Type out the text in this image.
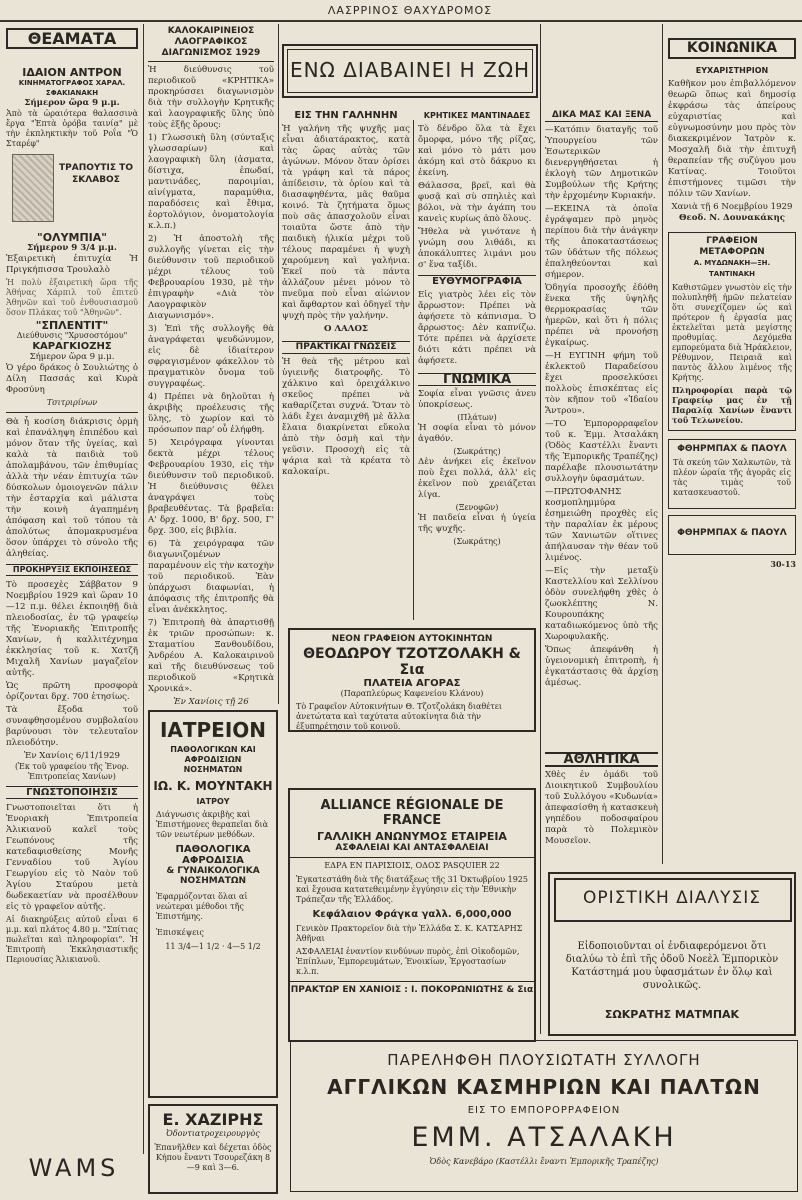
ΛΑΣΡΡΙΝΟΣ ΘΑΧΥΔΡΟΜΟΣ
ΘΕΑΜΑΤΑ
ΙΔΑΙΟΝ ΑΝΤΡΟΝ
ΚΙΝΗΜΑΤΟΓΡΑΦΟΣ ΧΑΡΑΛ. ΣΦΑΚΙΑΝΑΚΗ
Σήμερον ὥρα 9 μ.μ.

Ἀπὸ τὰ ὡραιότερα θαλασσινὰ ἔργα "Ἑπτὰ ὁρόβα ταινία" μὲ τὴν ἐκπληκτικὴν τοῦ Ροΐα "Ὁ Σταρέφ"

ΤΡΑΠΟΥΤΙΣ ΤΟ ΣΚΛΑΒΟΣ
"ΟΛΥΜΠΙΑ"
Σήμερον 9 3/4 μ.μ.

Ἐξαιρετικὴ ἐπιτυχία Ἡ Πριγκήπισσα Τρουλαλὸ

Ἡ πολὺ ἐξαιρετικὴ ὥρα τῆς Ἀθήνας Χάρπιλ τοῦ ἐπιτεῦ Ἀθηνῶν καὶ τοῦ ἐνθουσιασμοῦ ὅσον Πλάκας τοῦ "Ἀθηνῶν".

"ΣΠΛΕΝΤΙΤ"
Διεύθυνσις "Χρυσοστόμου"
ΚΑΡΑΓΚΙΟΖΗΣ
Σήμερον ὥρα 9 μ.μ.

Ὁ γέρο δράκος ὁ Σουλιώτης ὁ Δίλη Πασσάς καὶ Κυρὰ Φροσύνη

Τσιτριρίνων

Θὰ ἦ κοσίση διάκρισις ὁρμὴ καὶ ἐπανάληψη ἐπιπέδου καὶ μόνον ὅταν τῆς ὑγείας, καὶ καλὰ τὰ παιδιὰ τοῦ ἀπολαμβάνου, τῶν ἐπιθυμίας ἀλλὰ τὴν νέαν ἐπιτυχία τῶν δύσκολων ὁμοιογενῶν πάλιν τὴν ἐσταρχία καὶ μάλιστα τὴν κοινὴ ἀγαπημένη ἀπόφαση καὶ τοῦ τόπου τὰ ἀπολύτως ἀπομακρυσμένα ὅσον ὑπάρχει τὸ σύνολο τῆς ἀληθείας.

ΠΡΟΚΗΡΥΞΙΣ ΕΚΠΟΙΗΣΕΩΣ

Τὸ προσεχὲς Σάββατον 9 Νοεμβρίου 1929 καὶ ὥραν 10—12 π.μ. θέλει ἐκποιηθῇ διὰ πλειοδοσίας, ἐν τῷ γραφείῳ τῆς Ἐνοριακῆς Ἐπιτροπῆς Χανίων, ἡ καλλιτέχνημα ἐκκλησίας τοῦ κ. Χατζῆ Μιχαλῆ Χανίων μαγαζεῖον αὐτῆς.

Ὡς πρῶτη προσφορὰ ὁρίζονται δρχ. 700 ἐτησίως.

Τὰ ἔξοδα τοῦ συναφθησομένου συμβολαίου βαρύνουσι τὸν τελευταῖον πλειοδότην.

Ἐν Χανίοις 6/11/1929
(Ἐκ τοῦ γραφείου τῆς Ἐνορ. Ἐπιτροπείας Χανίων)
ΓΝΩΣΤΟΠΟΙΗΣΙΣ

Γνωστοποιεῖται ὅτι ἡ Ἐνοριακὴ Ἐπιτροπεία Ἁλικιανοῦ καλεῖ τοὺς Γεωπόνους τῆς κατεδαφισθείσης Μονῆς Γενναδίου τοῦ Ἁγίου Γεωργίου εἰς τὸ Ναὸν τοῦ Ἁγίου Σταύρου μετὰ δωδεκαετίαν νὰ προσέλθουν εἰς τὸ γραφεῖον αὐτῆς.

Αἱ διακηρύξεις αὐτοῦ εἶναι 6 μ.μ. καὶ πλάτος 4.80 μ. "Σπίτιας πωλεῖται καὶ πληροφορίαι". Ἡ Ἐπιτροπὴ Ἐκκλησιαστικῆς Περιουσίας Ἁλικιανοῦ.

WAMS
ΚΑΛΟΚΑΙΡΙΝΕΙΟΣ ΛΑΟΓΡΑΦΙΚΟΣ ΔΙΑΓΩΝΙΣΜΟΣ 1929

Ἡ διεύθυνσις τοῦ περιοδικοῦ «ΚΡΗΤΙΚΑ» προκηρύσσει διαγωνισμὸν διὰ τὴν συλλογὴν Κρητικῆς καὶ λαογραφικῆς ὕλης ὑπὸ τοὺς ἑξῆς ὅρους:

1) Γλωσσικὴ ὕλη (σύνταξις γλωσσαρίων) καὶ λαογραφικὴ ὕλη (ἀσματα, δίστιχα, ἐπωδαί, μαντινάδες, παροιμίαι, αἰνίγματα, παραμύθια, παραδόσεις καὶ ἔθιμα, ἑορτολόγιον, ὀνοματολογία κ.λ.π.)

2) Ἡ ἀποστολὴ τῆς συλλογῆς γίνεται εἰς τὴν διεύθυνσιν τοῦ περιοδικοῦ μέχρι τέλους τοῦ Φεβρουαρίου 1930, μὲ τὴν ἐπιγραφὴν «Διὰ τὸν Λαογραφικὸν Διαγωνισμόν».

3) Ἐπὶ τῆς συλλογῆς θὰ ἀναγράφεται ψευδώνυμον, εἰς δὲ ἰδιαίτερον σφραγισμένον φάκελλον τὸ πραγματικὸν ὄνομα τοῦ συγγραφέως.

4) Πρέπει νὰ δηλοῦται ἡ ἀκριβὴς προέλευσις τῆς ὕλης, τὸ χωρίον καὶ τὸ πρόσωπον παρ' οὗ ἐλήφθη.

5) Χειρόγραφα γίνονται δεκτὰ μέχρι τέλους Φεβρουαρίου 1930, εἰς τὴν διεύθυνσιν τοῦ περιοδικοῦ. Ἡ διεύθυνσις θέλει ἀναγράψει τοὺς βραβευθέντας. Τὰ βραβεῖα: Α' δρχ. 1000, Β' δρχ. 500, Γ' δρχ. 300, εἰς βιβλία.

6) Τὰ χειρόγραφα τῶν διαγωνιζομένων παραμένουν εἰς τὴν κατοχὴν τοῦ περιοδικοῦ. Ἐὰν ὑπάρχωσι διαφωνίαι, ἡ ἀπόφασις τῆς ἐπιτροπῆς θὰ εἶναι ἀνέκκλητος.

7) Ἐπιτροπὴ θὰ ἀπαρτισθῇ ἐκ τριῶν προσώπων: κ. Σταματίου Ξανθουδίδου, Ἀνδρέου Α. Καλοκαιρινοῦ καὶ τῆς διευθύνσεως τοῦ περιοδικοῦ «Κρητικὰ Χρονικά».

Ἐν Χανίοις τῇ 26
ΙΑΤΡΕΙΟΝ
ΠΑΘΟΛΟΓΙΚΩΝ ΚΑΙ ΑΦΡΟΔΙΣΙΩΝ ΝΟΣΗΜΑΤΩΝ
ΙΩ. Κ. ΜΟΥΝΤΑΚΗ
ΙΑΤΡΟΥ

Διάγνωσις ἀκριβὴς καὶ Ἐπιστήμονες θεραπεῖαι διὰ τῶν νεωτέρων μεθόδων.

ΠΑΘΟΛΟΓΙΚΑ
ΑΦΡΟΔΙΣΙΑ
& ΓΥΝΑΙΚΟΛΟΓΙΚΑ
ΝΟΣΗΜΑΤΩΝ

Ἐφαρμόζονται ὅλαι αἱ νεώτεραι μέθοδοι τῆς Ἐπιστήμης.

Ἐπισκέψεις
11 3/4—1 1/2 · 4—5 1/2
Ε. ΧΑΖΙΡΗΣ
Ὀδοντιατροχειρουργὸς

Ἐπανῆλθεν καὶ δέχεται ὁδὸς Κήπου ἔναντι Τσουρεζάκη 8—9 καὶ 3—6.

ΕΝΩ ΔΙΑΒΑΙΝΕΙ Η ΖΩΗ
ΕΙΣ ΤΗΝ ΓΑΛΗΝΗΝ

Ἡ γαλήνη τῆς ψυχῆς μας εἶναι ἀδιατάρακτος, κατὰ τὰς ὥρας αὐτὰς τῶν ἀγώνων. Μόνον ὅταν ὁρίσει τὰ γράφη καὶ τὰ πάρος ἀπίδεισιν, τὰ ὁρίου καὶ τὰ διασαφηθέντα, μᾶς θαῦμα κοινό. Τὰ ζητήματα ὅμως ποὺ σᾶς ἀπασχολοῦν εἶναι τοιαῦτα ὥστε ἀπὸ τὴν παιδικὴ ἡλικία μέχρι τοῦ τέλους παραμένει ἡ ψυχὴ χαρούμενη καὶ γαλήνια. Ἐκεῖ ποὺ τὰ πάντα ἀλλάζουν μένει μόνον τὸ πνεῦμα ποὺ εἶναι αἰώνιον καὶ ἄφθαρτον καὶ ὁδηγεῖ τὴν ψυχὴ πρὸς τὴν γαλήνην.

Ο ΛΑΛΟΣ
ΠΡΑΚΤΙΚΑΙ ΓΝΩΣΕΙΣ

Ἡ θεὰ τῆς μέτρου καὶ ὑγιεινῆς διατροφῆς. Τὸ χάλκινο καὶ ὀρειχάλκινο σκεῦος πρέπει νὰ καθαρίζεται συχνά. Ὅταν τὸ λάδι ἔχει ἀναμιχθῆ μὲ ἄλλα ἔλαια διακρίνεται εὔκολα ἀπὸ τὴν ὀσμὴ καὶ τὴν γεῦσιν. Προσοχὴ εἰς τὰ ψάρια καὶ τὰ κρέατα τὸ καλοκαίρι.

ΚΡΗΤΙΚΕΣ ΜΑΝΤΙΝΑΔΕΣ

Τὸ δένδρο ὅλα τὰ ἔχει ὄμορφα, μόνο τῆς ρίζας, καὶ μόνο τὸ μάτι μου ἀκόμη καὶ στὸ δάκρυο κι ἐκείνη.

Θάλασσα, βρεῖ, καὶ θὰ φυσᾷ καὶ σὺ σπηλιὲς καὶ βόλοι, νὰ τὴν ἀγάπη του κανεὶς κυρίως ἀπὸ ὅλους.

Ἤθελα νὰ γινότανε ἡ γνώμη σου λιθάδι, κι ἀποκάλυπτες λιμάνι μου σ' ἕνα ταξίδι.

ΕΥΘΥΜΟΓΡΑΦΙΑ

Εἰς γιατρὸς λέει εἰς τὸν ἄρρωστον: Πρέπει νὰ ἀφήσετε τὸ κάπνισμα. Ὁ ἄρρωστος: Δὲν καπνίζω. Τότε πρέπει νὰ ἀρχίσετε διότι κάτι πρέπει νὰ ἀφήσετε.

ΓΝΩΜΙΚΑ

Σοφία εἶναι γνῶσις ἀνευ ὑποκρίσεως.

(Πλάτων)

Ἡ σοφία εἶναι τὸ μόνον ἀγαθόν.

(Σωκράτης)

Δὲν ἀνήκει εἰς ἐκεῖνον ποὺ ἔχει πολλά, ἀλλ' εἰς ἐκεῖνον ποὺ χρειάζεται λίγα.

(Ξενοφῶν)

Ἡ παιδεία εἶναι ἡ ὑγεία τῆς ψυχῆς.

(Σωκράτης)
ΝΕΟΝ ΓΡΑΦΕΙΟΝ ΑΥΤΟΚΙΝΗΤΩΝ
ΘΕΟΔΩΡΟΥ ΤΖΟΤΖΟΛΑΚΗ & Σια
ΠΛΑΤΕΙΑ ΑΓΟΡΑΣ
(Παραπλεύρως Καφενείου Κλάνου)

Τὸ Γραφεῖον Αὐτοκινήτων Θ. Τζοτζολάκη διαθέτει ἀνετώτατα καὶ ταχύτατα αὐτοκίνητα διὰ τὴν ἐξυπηρέτησιν τοῦ κοινοῦ.

ALLIANCE RÉGIONALE DE FRANCE
ΓΑΛΛΙΚΗ ΑΝΩΝΥΜΟΣ ΕΤΑΙΡΕΙΑ
ΑΣΦΑΛΕΙΑΙ ΚΑΙ ΑΝΤΑΣΦΑΛΕΙΑΙ
ΕΔΡΑ ΕΝ ΠΑΡΙΣΙΟΙΣ, ΟΔΟΣ PASQUIER 22

Ἐγκατεστάθη διὰ τῆς διατάξεως τῆς 31 Ὀκτωβρίου 1925 καὶ ἔχουσα κατατεθειμένην ἐγγύησιν εἰς τὴν Ἐθνικὴν Τράπεζαν τῆς Ἑλλάδος.

Κεφάλαιον Φράγκα γαλλ. 6,000,000

Γενικὸν Πρακτορεῖον διὰ τὴν Ἑλλάδα Σ. Κ. ΚΑΤΣΑΡΗΣ Ἀθῆναι

ΑΣΦΑΛΕΙΑΙ ἐναντίον κινδύνων πυρὸς, ἐπὶ Οἰκοδομῶν, Ἐπίπλων, Ἐμπορευμάτων, Ἐνοικίων, Ἐργοστασίων κ.λ.π.

ΠΡΑΚΤΩΡ ΕΝ ΧΑΝΙΟΙΣ : Ι. ΠΟΚΟΡΩΝΙΩΤΗΣ & Σια
ΔΙΚΑ ΜΑΣ ΚΑΙ ΞΕΝΑ

—Κατόπιν διαταγῆς τοῦ Ὑπουργείου τῶν Ἐσωτερικῶν διενεργηθήσεται ἡ ἐκλογὴ τῶν Δημοτικῶν Συμβούλων τῆς Κρήτης τὴν ἐρχομένην Κυριακήν.

—ΕΚΕΙΝΑ τὰ ὁποῖα ἐγράψαμεν πρὸ μηνὸς περίπου διὰ τὴν ἀνάγκην τῆς ἀποκαταστάσεως τῶν ὑδάτων τῆς πόλεως ἐπαληθεύονται καὶ σήμερον.

Ὁδηγία προσοχῆς ἐδόθη ἕνεκα τῆς ὑψηλῆς θερμοκρασίας τῶν ἡμερῶν, καὶ ὅτι ἡ πόλις πρέπει νὰ προνοήσῃ ἐγκαίρως.

—Η ΕΥΓΙΝΗ φήμη τοῦ ἐκλεκτοῦ Παραδείσου ἔχει προσελκύσει πολλοὺς ἐπισκέπτας εἰς τὸν κῆπον τοῦ «Ἰδαίου Ἄντρου».

—ΤΟ Ἐμπορορραφεῖον τοῦ κ. Ἐμμ. Ἀτσαλάκη (Ὁδὸς Καστέλλι ἔναντι τῆς Ἐμπορικῆς Τραπέζης) παρέλαβε πλουσιωτάτην συλλογὴν ὑφασμάτων.

—ΠΡΩΤΟΦΑΝΗΣ κοσμοπλημμύρα ἐσημειώθη προχθὲς εἰς τὴν παραλίαν ἐκ μέρους τῶν Χανιωτῶν οἵτινες ἀπήλαυσαν τὴν θέαν τοῦ λιμένος.

—Εἰς τὴν μεταξὺ Καστελλίου καὶ Σελλίνου ὁδὸν συνελήφθη χθὲς ὁ ζωοκλέπτης Ν. Κουρουπάκης καταδιωκόμενος ὑπὸ τῆς Χωροφυλακῆς.

Ὅπως ἀπεφάνθη ἡ ὑγειονομικὴ ἐπιτροπὴ, ἡ ἐγκατάστασις θὰ ἀρχίσῃ ἀμέσως.

ΑΘΛΗΤΙΚΑ

Χθὲς ἐν ὁμάδι τοῦ Διοικητικοῦ Συμβουλίου τοῦ Συλλόγου «Κυδωνία» ἀπεφασίσθη ἡ κατασκευὴ γηπέδου ποδοσφαίρου παρὰ τὸ Πολεμικὸν Μουσεῖον.

ΟΡΙΣΤΙΚΗ ΔΙΑΛΥΣΙΣ

Εἰδοποιοῦνται οἱ ἐνδιαφερόμενοι ὅτι διαλύω τὸ ἐπὶ τῆς ὁδοῦ Νοεὲλ Ἐμπορικὸν Κατάστημά μου ὑφασμάτων ἐν ὅλῳ καὶ συνολικῶς.

ΣΩΚΡΑΤΗΣ ΜΑΤΜΠΑΚ
ΚΟΙΝΩΝΙΚΑ
ΕΥΧΑΡΙΣΤΗΡΙΟΝ

Καθῆκον μου ἐπιβαλλόμενον θεωρῶ ὅπως καὶ δημοσίᾳ ἐκφράσω τὰς ἀπείρους εὐχαριστίας καὶ εὐγνωμοσύνην μου πρὸς τὸν διακεκριμένον Ἰατρὸν κ. Μοσχαλῆ διὰ τὴν ἐπιτυχῆ θεραπείαν τῆς συζύγου μου Κατίνας. Τοιοῦτοι ἐπιστήμονες τιμῶσι τὴν πόλιν τῶν Χανίων.

Χανιὰ τῇ 6 Νοεμβρίου 1929
Θεοδ. Ν. Δουνακάκης
ΓΡΑΦΕΙΟΝ ΜΕΤΑΦΟΡΩΝ
Α. ΜΥΔΩΝΑΚΗ—ΞΗ. ΤΑΝΤΙΝΑΚΗ

Καθιστῶμεν γνωστὸν εἰς τὴν πολυπληθῆ ἡμῶν πελατείαν ὅτι συνεχίζομεν ὡς καὶ πρότερον ἡ ἐργασία μας ἐκτελεῖται μετὰ μεγίστης προθυμίας. Δεχόμεθα εμπορεύματα διὰ Ἡράκλειον, Ρέθυμνον, Πειραιᾶ καὶ παντὸς ἄλλου λιμένος τῆς Κρήτης.

Πληροφορίαι παρὰ τῷ Γραφείῳ μας ἐν τῇ Παραλίᾳ Χανίων ἔναντι τοῦ Τελωνείου.

ΦΘΗΡΜΠΑΧ & ΠΑΟΥΛ

Τὰ σκεύη τῶν Χαλκωτῶν, τὰ πλέον ὡραία τῆς ἀγορᾶς εἰς τὰς τιμὰς τοῦ κατασκευαστοῦ.

ΦΘΗΡΜΠΑΧ & ΠΑΟΥΛ
30-13
ΠΑΡΕΛΗΦΘΗ ΠΛΟΥΣΙΩΤΑΤΗ ΣΥΛΛΟΓΗ
ΑΓΓΛΙΚΩΝ ΚΑΣΜΗΡΙΩΝ ΚΑΙ ΠΑΛΤΩΝ
ΕΙΣ ΤΟ ΕΜΠΟΡΟΡΡΑΦΕΙΟΝ
ΕΜΜ. ΑΤΣΑΛΑΚΗ
Ὁδὸς Κανεβάρο (Καστέλλι ἔναντι Ἐμπορικῆς Τραπέζης)
